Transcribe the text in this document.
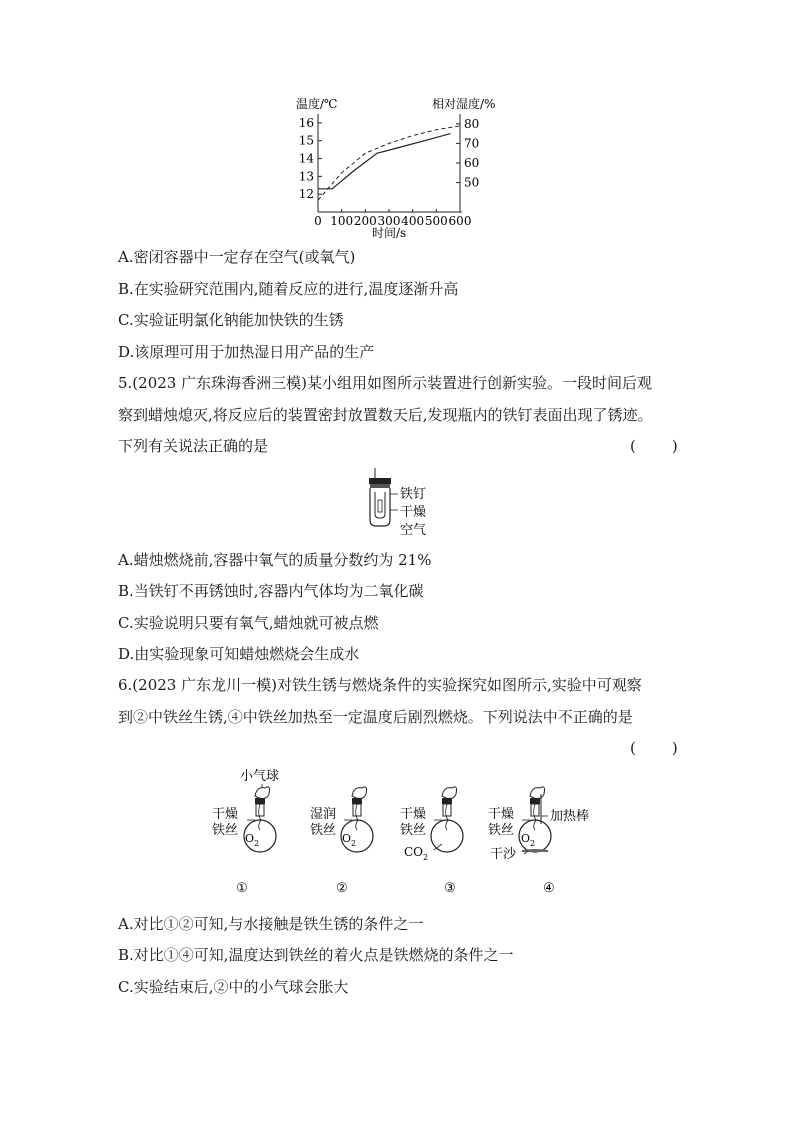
温度/℃	相对湿度/%
16
15
14
13
12
80
70
60
50
0 100 200 300 400 500 600
时间/s
A.密闭容器中一定存在空气(或氧气)
B.在实验研究范围内,随着反应的进行,温度逐渐升高
C.实验证明氯化钠能加快铁的生锈
D.该原理可用于加热湿日用产品的生产
5.(2023 广东珠海香洲三模)某小组用如图所示装置进行创新实验。一段时间后观
察到蜡烛熄灭,将反应后的装置密封放置数天后,发现瓶内的铁钉表面出现了锈迹。
下列有关说法正确的是	(　　)
铁钉
干燥
空气
A.蜡烛燃烧前,容器中氧气的质量分数约为 21%
B.当铁钉不再锈蚀时,容器内气体均为二氧化碳
C.实验说明只要有氧气,蜡烛就可被点燃
D.由实验现象可知蜡烛燃烧会生成水
6.(2023 广东龙川一模)对铁生锈与燃烧条件的实验探究如图所示,实验中可观察
到②中铁丝生锈,④中铁丝加热至一定温度后剧烈燃烧。下列说法中不正确的是
(　　)
小气球
$O_2$
干燥
铁丝
①
$O_2$
湿润
铁丝
②
干燥
铁丝
$CO_2$
③
$O_2$
干燥
铁丝
加热棒
干沙
④
A.对比①②可知,与水接触是铁生锈的条件之一
B.对比①④可知,温度达到铁丝的着火点是铁燃烧的条件之一
C.实验结束后,②中的小气球会胀大
